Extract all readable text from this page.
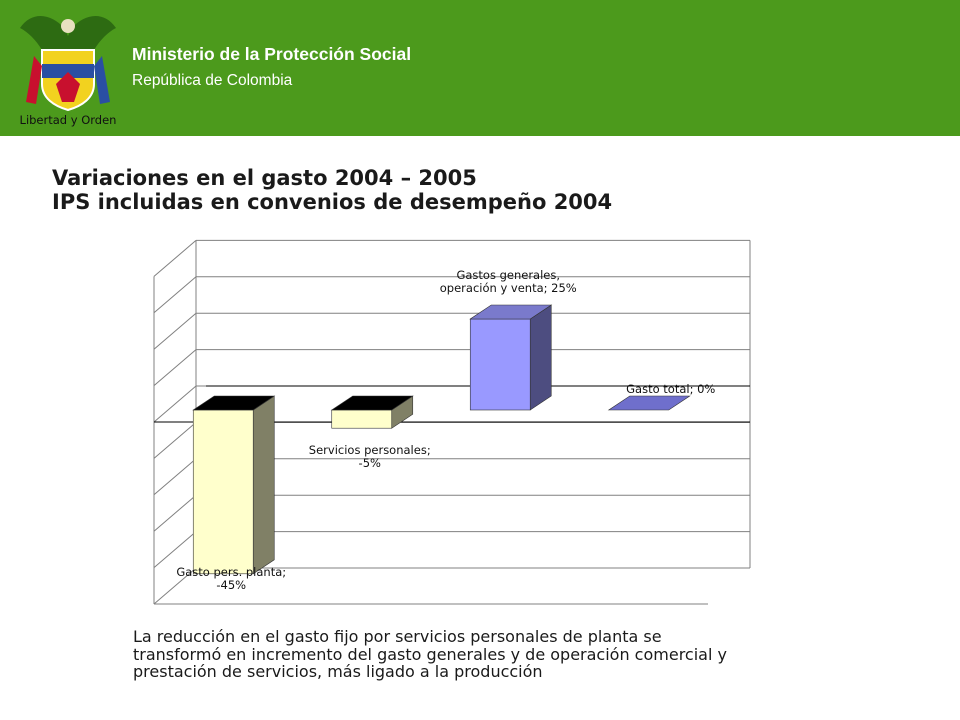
Libertad y Orden
Ministerio de la Protección Social
República de Colombia
Variaciones en el gasto 2004 – 2005
IPS incluidas en convenios de desempeño 2004
Gasto pers. planta;
-45%
Servicios personales;
-5%
Gastos generales,
operación y venta; 25%
Gasto total; 0%

La reducción en el gasto fijo por servicios personales de planta se
transformó en incremento del gasto generales y de operación comercial y
prestación de servicios, más ligado a la producción
